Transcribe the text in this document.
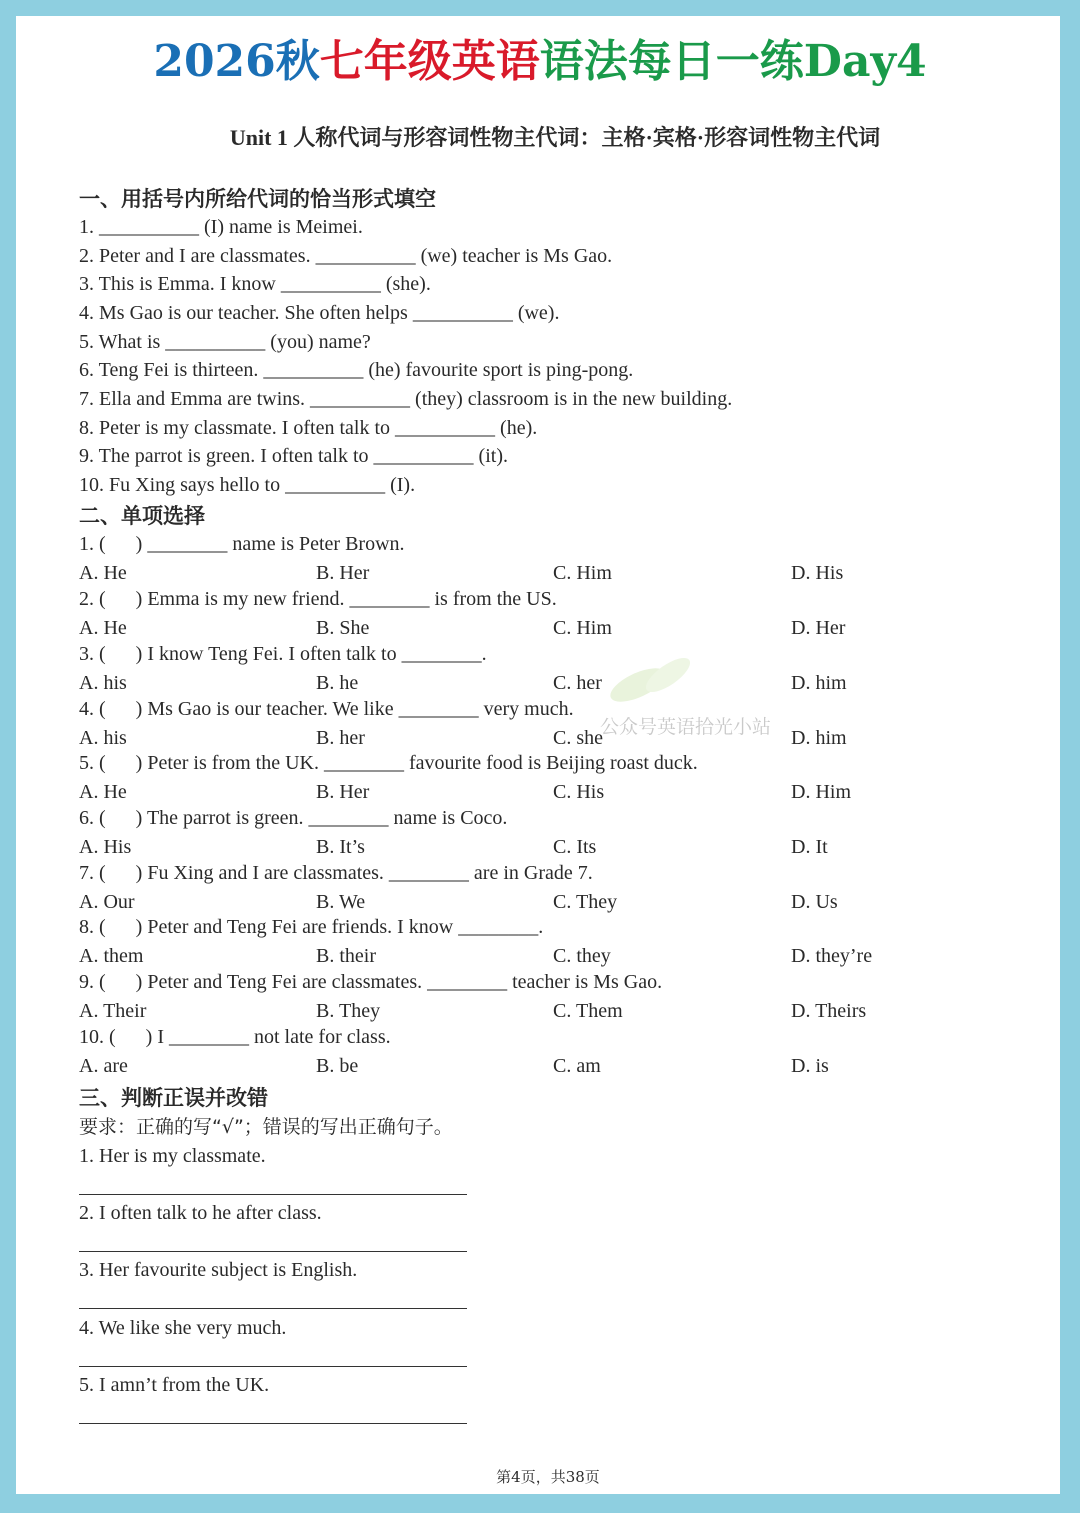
2026秋七年级英语语法每日一练Day4
Unit 1 人称代词与形容词性物主代词：主格·宾格·形容词性物主代词
公众号英语拾光小站
一、用括号内所给代词的恰当形式填空
1. __________ (I) name is Meimei.
2. Peter and I are classmates. __________ (we) teacher is Ms Gao.
3. This is Emma. I know __________ (she).
4. Ms Gao is our teacher. She often helps __________ (we).
5. What is __________ (you) name?
6. Teng Fei is thirteen. __________ (he) favourite sport is ping-pong.
7. Ella and Emma are twins. __________ (they) classroom is in the new building.
8. Peter is my classmate. I often talk to __________ (he).
9. The parrot is green. I often talk to __________ (it).
10. Fu Xing says hello to __________ (I).
二、单项选择
1. (      ) ________ name is Peter Brown.
A. He	B. Her	C. Him	D. His
2. (      ) Emma is my new friend. ________ is from the US.
A. He	B. She	C. Him	D. Her
3. (      ) I know Teng Fei. I often talk to ________.
A. his	B. he	C. her	D. him
4. (      ) Ms Gao is our teacher. We like ________ very much.
A. his	B. her	C. she	D. him
5. (      ) Peter is from the UK. ________ favourite food is Beijing roast duck.
A. He	B. Her	C. His	D. Him
6. (      ) The parrot is green. ________ name is Coco.
A. His	B. It’s	C. Its	D. It
7. (      ) Fu Xing and I are classmates. ________ are in Grade 7.
A. Our	B. We	C. They	D. Us
8. (      ) Peter and Teng Fei are friends. I know ________.
A. them	B. their	C. they	D. they’re
9. (      ) Peter and Teng Fei are classmates. ________ teacher is Ms Gao.
A. Their	B. They	C. Them	D. Theirs
10. (      ) I ________ not late for class.
A. are	B. be	C. am	D. is
三、判断正误并改错
要求：正确的写“√”；错误的写出正确句子。
1. Her is my classmate.
2. I often talk to he after class.
3. Her favourite subject is English.
4. We like she very much.
5. I amn’t from the UK.
第4页，共38页
